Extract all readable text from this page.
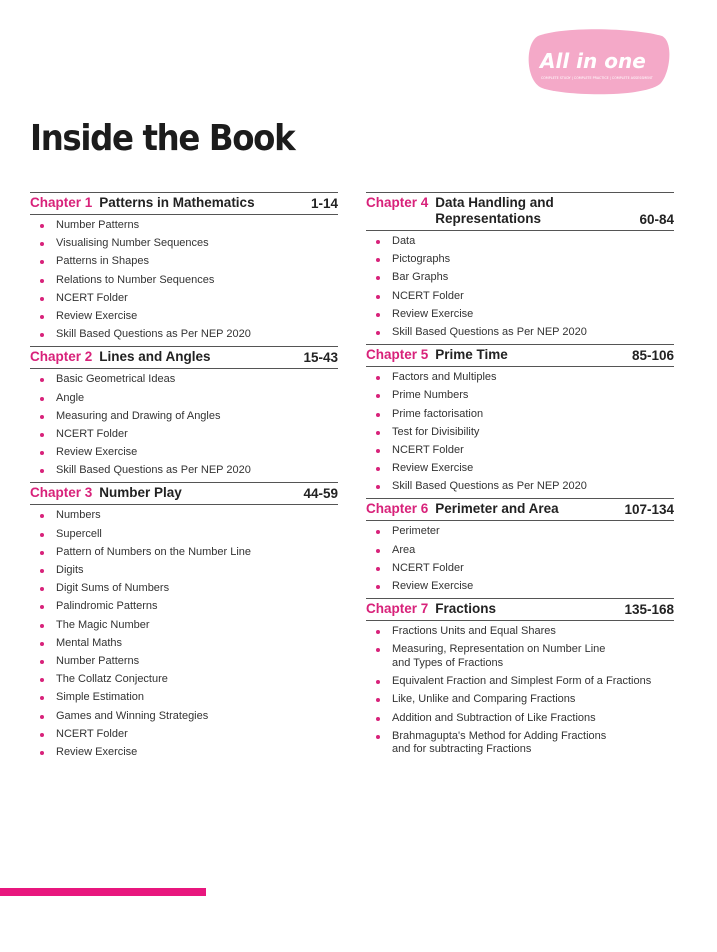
All in one
COMPLETE STUDY | COMPLETE PRACTICE | COMPLETE ASSESSMENT
Inside the Book
Chapter 1 Patterns in Mathematics	1-14
Number Patterns
Visualising Number Sequences
Patterns in Shapes
Relations to Number Sequences
NCERT Folder
Review Exercise
Skill Based Questions as Per NEP 2020
Chapter 2 Lines and Angles	15-43
Basic Geometrical Ideas
Angle
Measuring and Drawing of Angles
NCERT Folder
Review Exercise
Skill Based Questions as Per NEP 2020
Chapter 3 Number Play	44-59
Numbers
Supercell
Pattern of Numbers on the Number Line
Digits
Digit Sums of Numbers
Palindromic Patterns
The Magic Number
Mental Maths
Number Patterns
The Collatz Conjecture
Simple Estimation
Games and Winning Strategies
NCERT Folder
Review Exercise
Chapter 4 Data Handling and
Representations	60-84
Data
Pictographs
Bar Graphs
NCERT Folder
Review Exercise
Skill Based Questions as Per NEP 2020
Chapter 5 Prime Time	85-106
Factors and Multiples
Prime Numbers
Prime factorisation
Test for Divisibility
NCERT Folder
Review Exercise
Skill Based Questions as Per NEP 2020
Chapter 6 Perimeter and Area	107-134
Perimeter
Area
NCERT Folder
Review Exercise
Chapter 7 Fractions	135-168
Fractions Units and Equal Shares
Measuring, Representation on Number Line
and Types of Fractions
Equivalent Fraction and Simplest Form of a Fractions
Like, Unlike and Comparing Fractions
Addition and Subtraction of Like Fractions
Brahmagupta's Method for Adding Fractions
and for subtracting Fractions
